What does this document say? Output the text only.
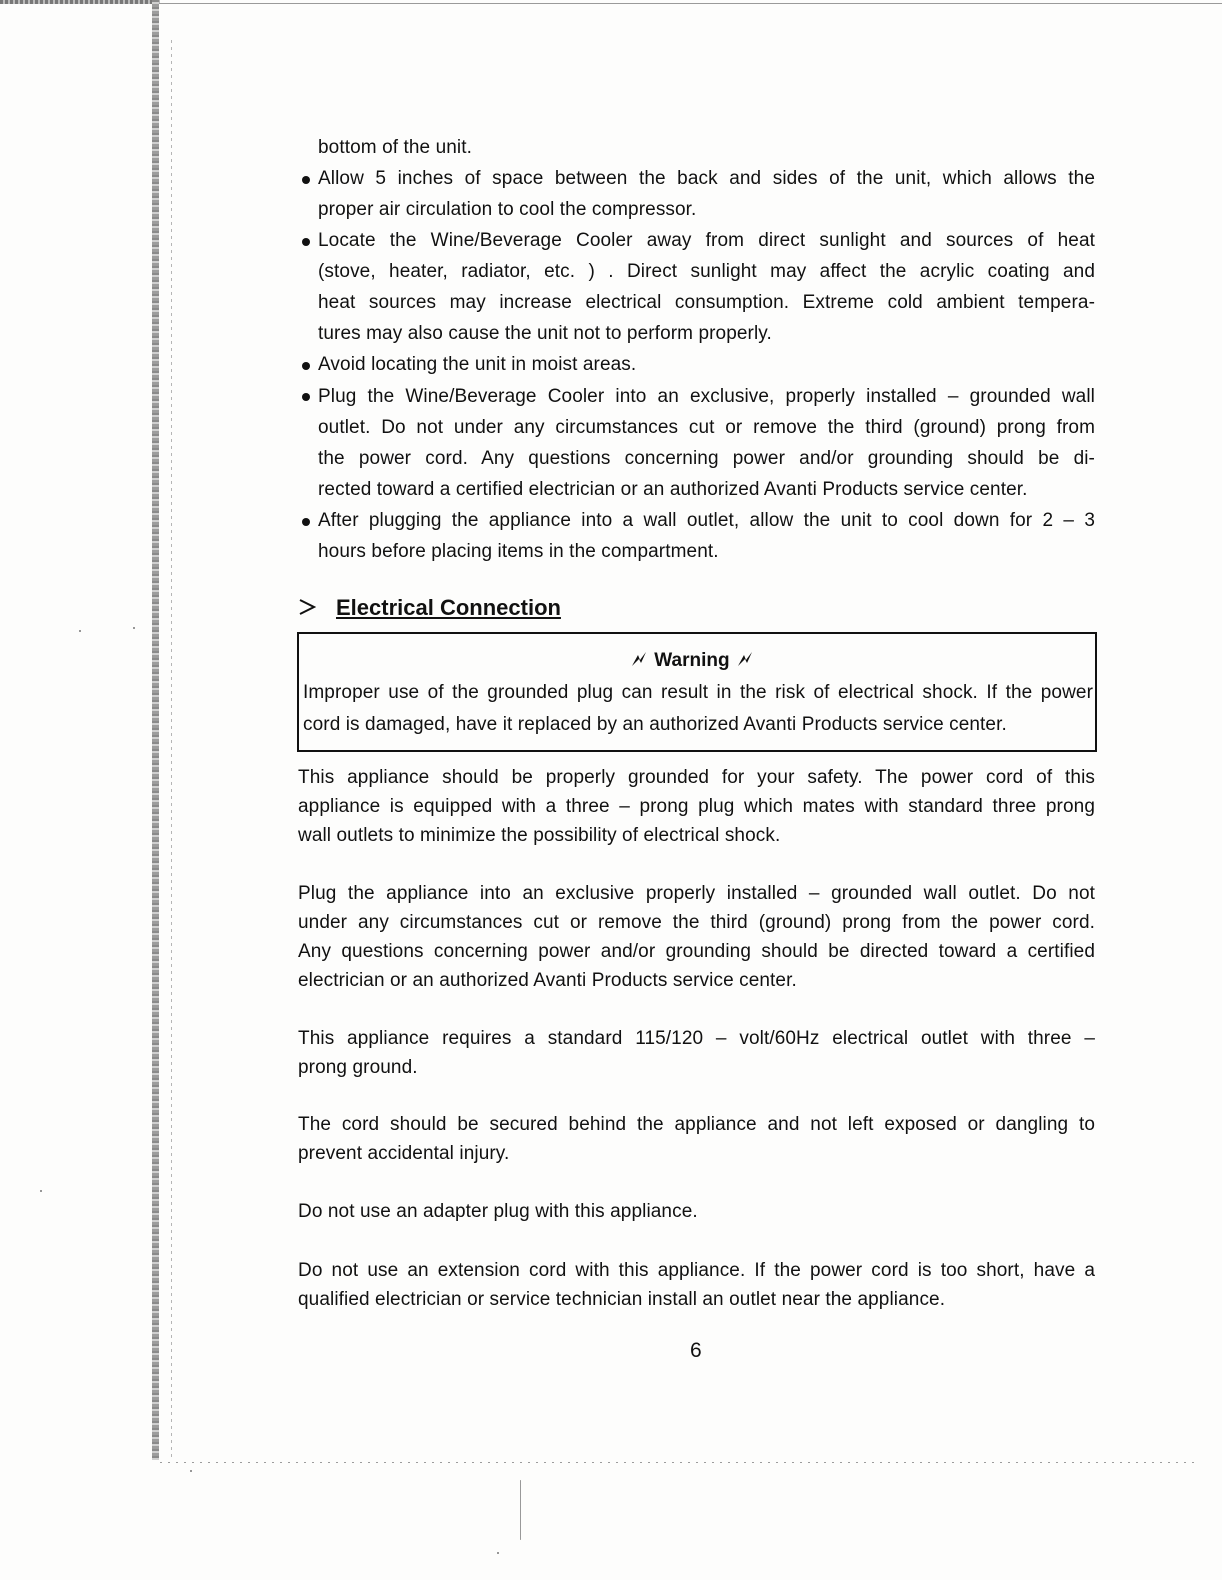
bottom of the unit.
Allow 5 inches of space between the back and sides of the unit, which allows the
proper air circulation to cool the compressor.
Locate the Wine/Beverage Cooler away from direct sunlight and sources of heat
(stove, heater, radiator, etc. ) . Direct sunlight may affect the acrylic coating and
heat sources may increase electrical consumption. Extreme cold ambient tempera-
tures may also cause the unit not to perform properly.
Avoid locating the unit in moist areas.
Plug the Wine/Beverage Cooler into an exclusive, properly installed – grounded wall
outlet. Do not under any circumstances cut or remove the third (ground) prong from
the power cord. Any questions concerning power and/or grounding should be di-
rected toward a certified electrician or an authorized Avanti Products service center.
After plugging the appliance into a wall outlet, allow the unit to cool down for 2 – 3
hours before placing items in the compartment.
Electrical Connection
Warning
Improper use of the grounded plug can result in the risk of electrical shock. If the power
cord is damaged, have it replaced by an authorized Avanti Products service center.
This appliance should be properly grounded for your safety. The power cord of this
appliance is equipped with a three – prong plug which mates with standard three prong
wall outlets to minimize the possibility of electrical shock.
Plug the appliance into an exclusive properly installed – grounded wall outlet. Do not
under any circumstances cut or remove the third (ground) prong from the power cord.
Any questions concerning power and/or grounding should be directed toward a certified
electrician or an authorized Avanti Products service center.
This appliance requires a standard 115/120 – volt/60Hz electrical outlet with three –
prong ground.
The cord should be secured behind the appliance and not left exposed or dangling to
prevent accidental injury.
Do not use an adapter plug with this appliance.
Do not use an extension cord with this appliance. If the power cord is too short, have a
qualified electrician or service technician install an outlet near the appliance.
6
